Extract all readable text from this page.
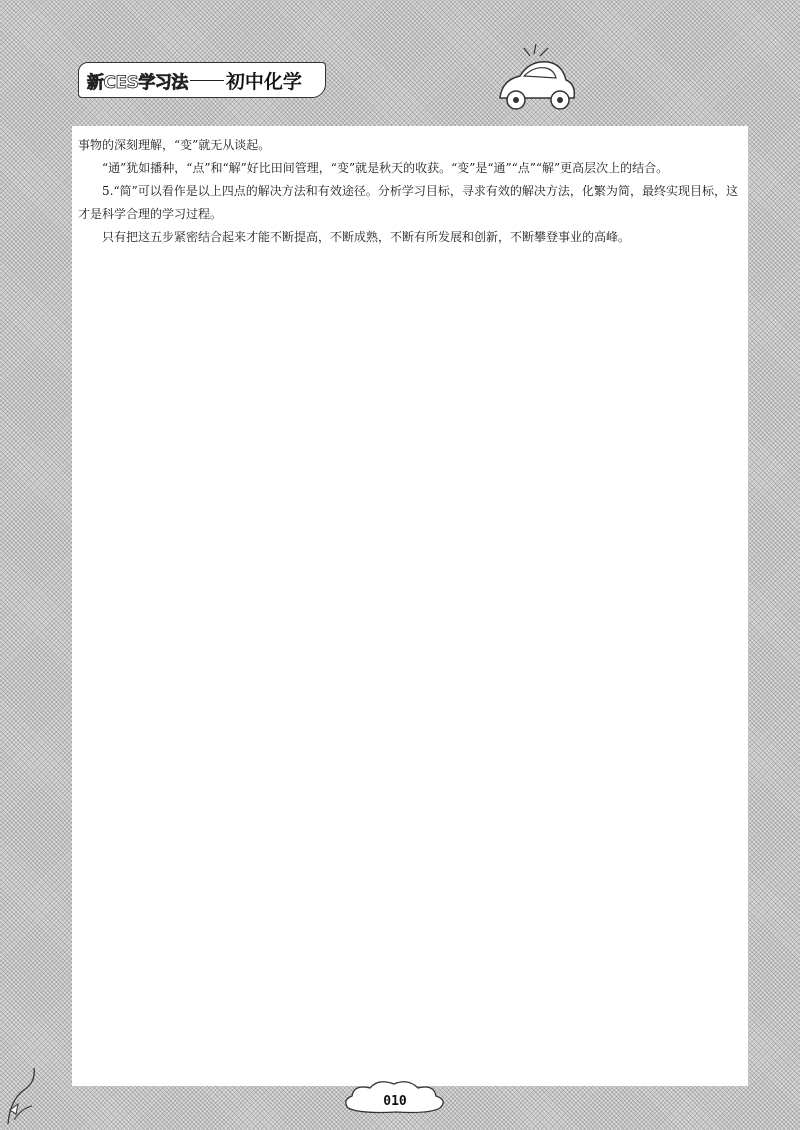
新CES学习法 初中化学

事物的深刻理解，“变”就无从谈起。

“通”犹如播种，“点”和“解”好比田间管理，“变”就是秋天的收获。“变”是“通”“点”“解”更高层次上的结合。

5.“简”可以看作是以上四点的解决方法和有效途径。分析学习目标，寻求有效的解决方法，化繁为简，最终实现目标，这才是科学合理的学习过程。

只有把这五步紧密结合起来才能不断提高，不断成熟，不断有所发展和创新，不断攀登事业的高峰。

010
